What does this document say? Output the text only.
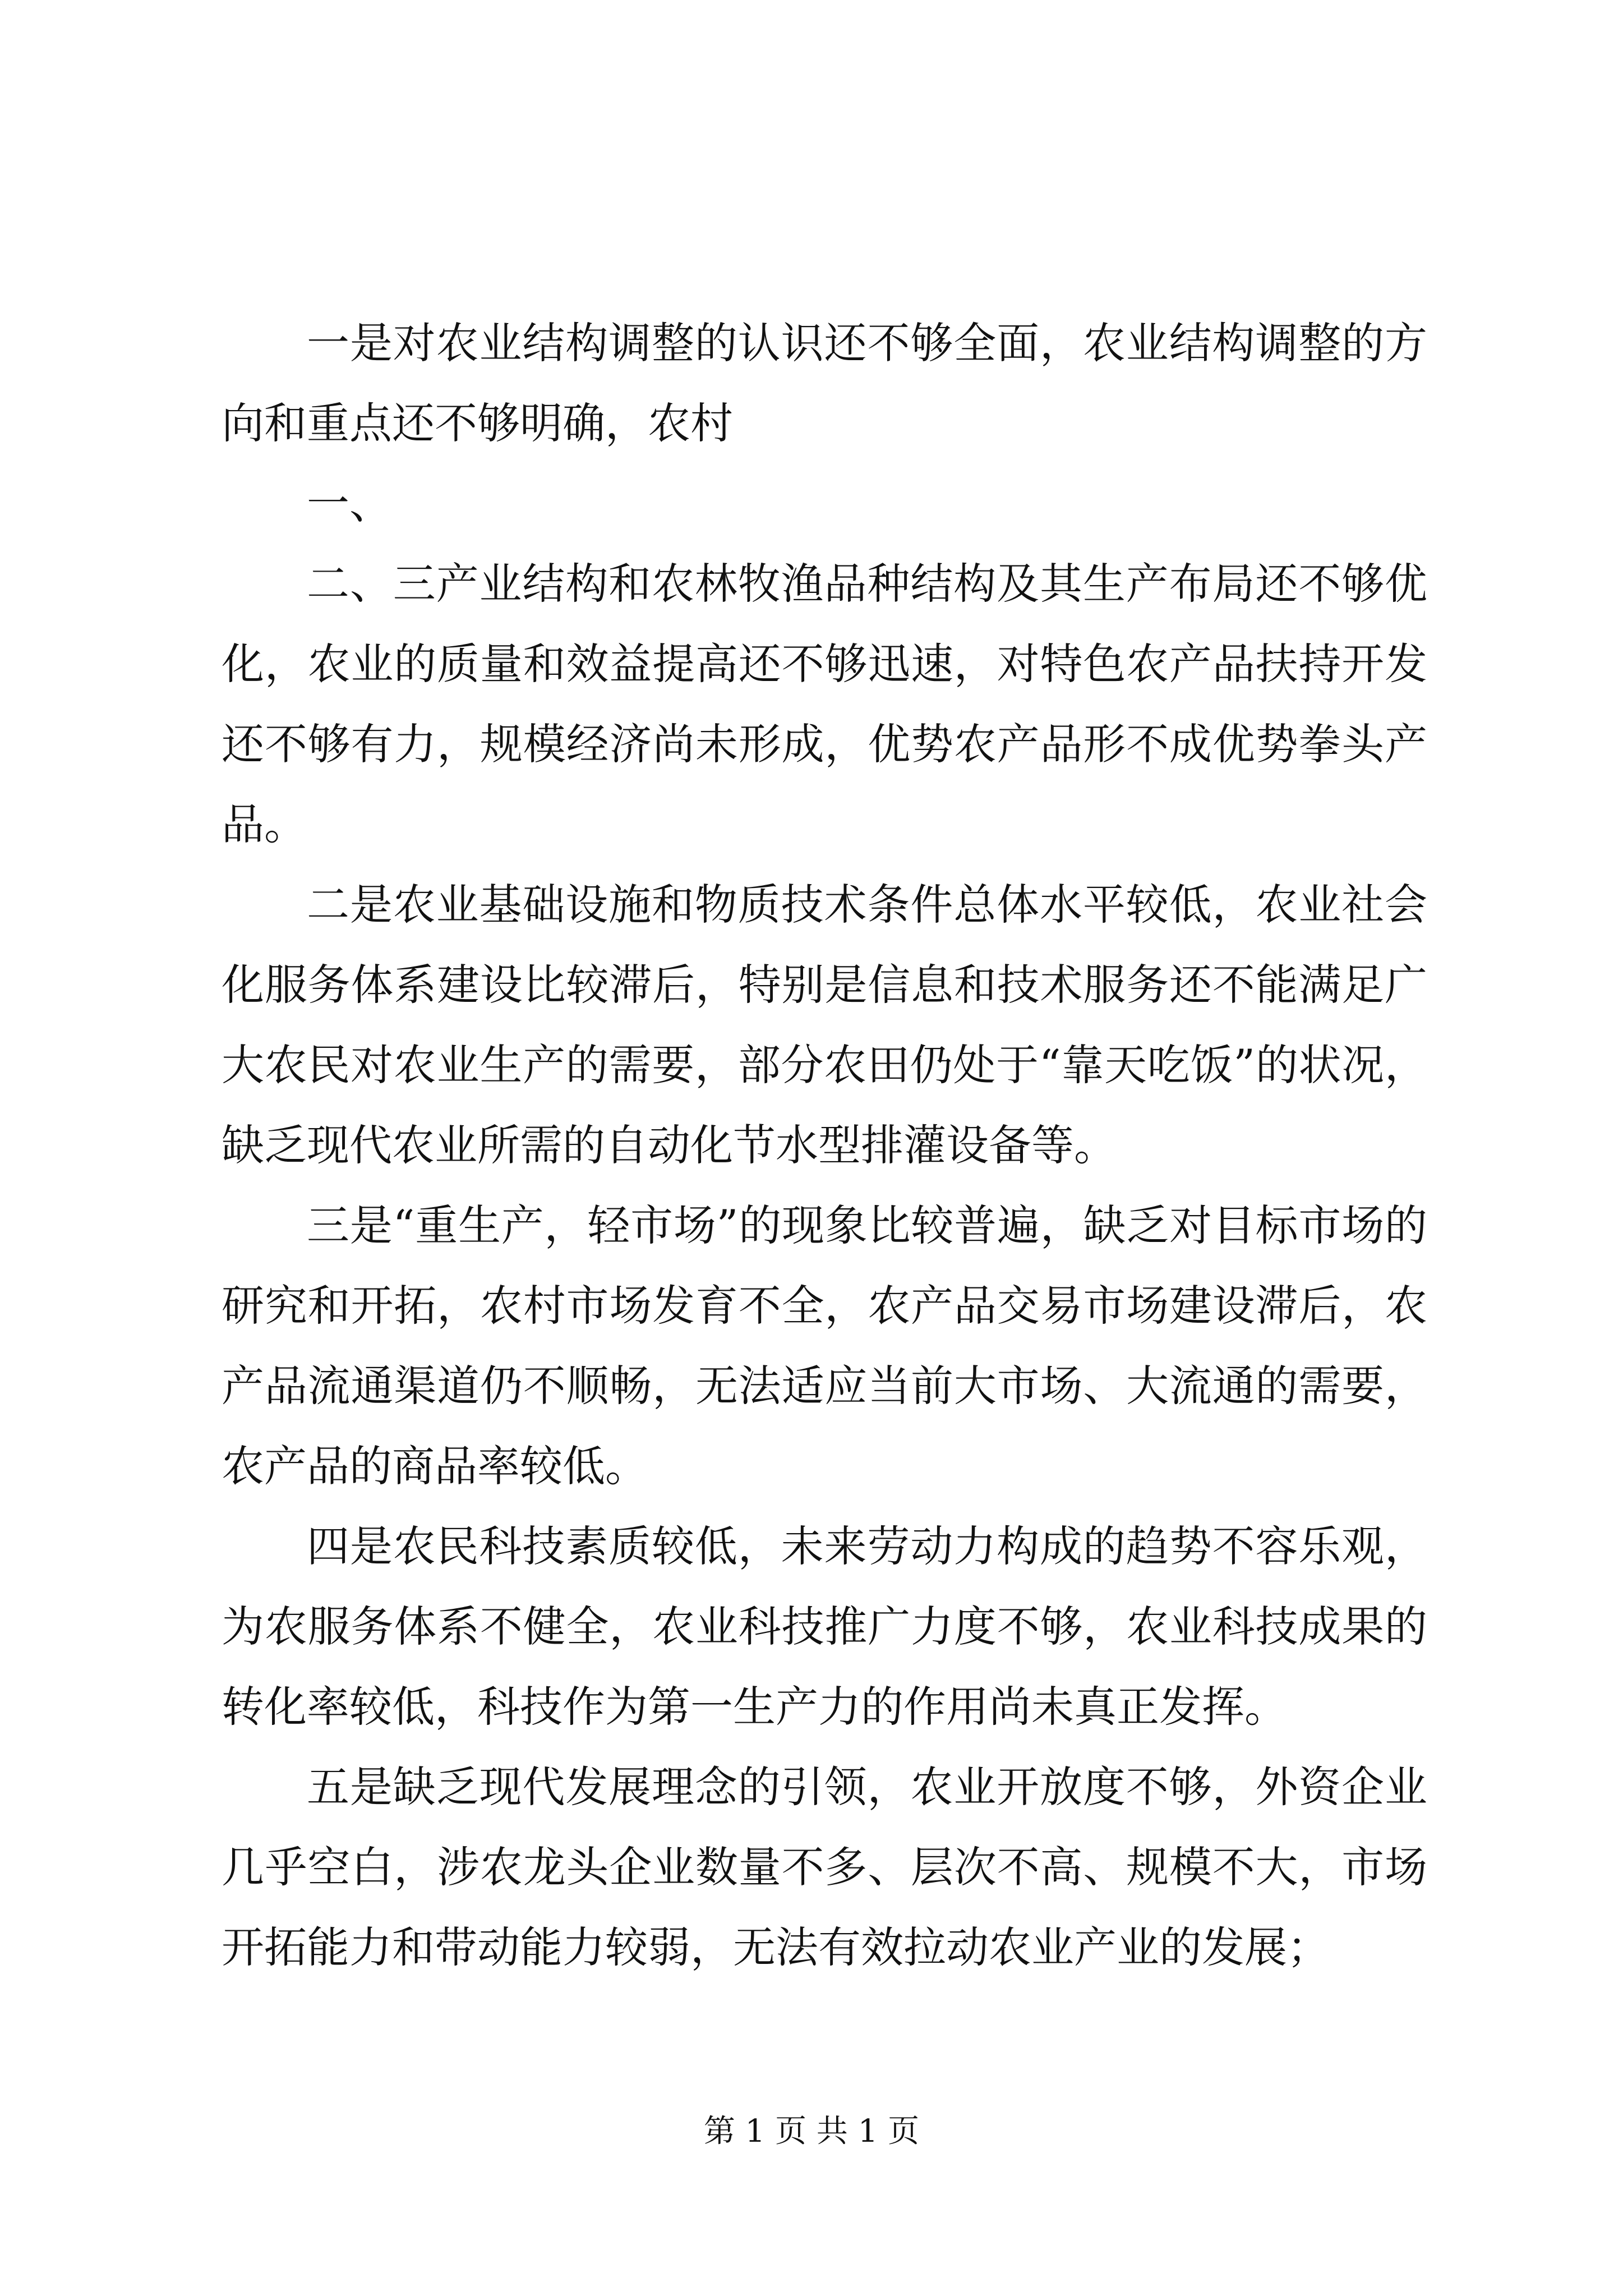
一是对农业结构调整的认识还不够全面，农业结构调整的方向和重点还不够明确，农村

一、

二、三产业结构和农林牧渔品种结构及其生产布局还不够优化，农业的质量和效益提高还不够迅速，对特色农产品扶持开发还不够有力，规模经济尚未形成，优势农产品形不成优势拳头产品。

二是农业基础设施和物质技术条件总体水平较低，农业社会化服务体系建设比较滞后，特别是信息和技术服务还不能满足广大农民对农业生产的需要，部分农田仍处于“靠天吃饭”的状况，缺乏现代农业所需的自动化节水型排灌设备等。

三是“重生产，轻市场”的现象比较普遍，缺乏对目标市场的研究和开拓，农村市场发育不全，农产品交易市场建设滞后，农产品流通渠道仍不顺畅，无法适应当前大市场、大流通的需要，农产品的商品率较低。

四是农民科技素质较低，未来劳动力构成的趋势不容乐观，为农服务体系不健全，农业科技推广力度不够，农业科技成果的转化率较低，科技作为第一生产力的作用尚未真正发挥。

五是缺乏现代发展理念的引领，农业开放度不够，外资企业几乎空白，涉农龙头企业数量不多、层次不高、规模不大，市场开拓能力和带动能力较弱，无法有效拉动农业产业的发展；

第 1 页 共 1 页
